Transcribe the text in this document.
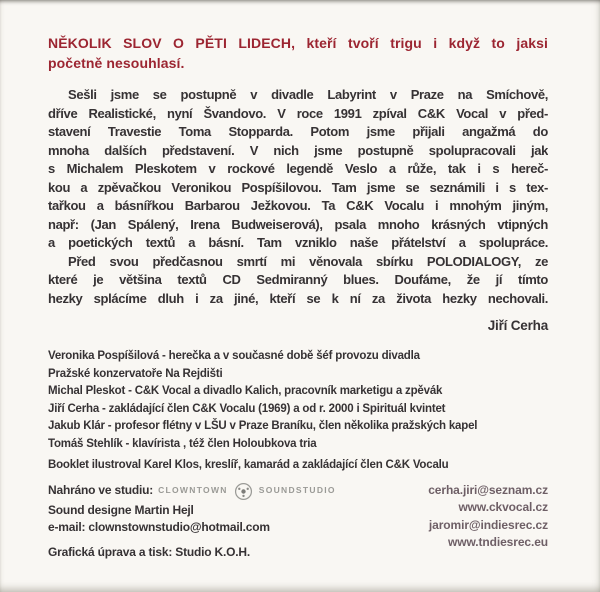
NĚKOLIK SLOV O PĚTI LIDECH, kteří tvoří trigu i když to jaksi
početně nesouhlasí.
Sešli jsme se postupně v divadle Labyrint v Praze na Smíchově,
dříve Realistické, nyní Švandovo. V roce 1991 zpíval C&K Vocal v před-
stavení Travestie Toma Stopparda. Potom jsme přijali angažmá do
mnoha dalších představení. V nich jsme postupně spolupracovali jak
s Michalem Pleskotem v rockové legendě Veslo a růže, tak i s hereč-
kou a zpěvačkou Veronikou Pospíšilovou. Tam jsme se seznámili i s tex-
tařkou a básnířkou Barbarou Ježkovou. Ta C&K Vocalu i mnohým jiným,
např: (Jan Spálený, Irena Budweiserová), psala mnoho krásných vtipných
a poetických textů a básní. Tam vzniklo naše přátelství a spolupráce.
Před svou předčasnou smrtí mi věnovala sbírku POLODIALOGY, ze
které je většina textů CD Sedmiranný blues. Doufáme, že jí tímto
hezky splácíme dluh i za jiné, kteří se k ní za života hezky nechovali.
Jiří Cerha
Veronika Pospíšilová - herečka a v současné době šéf provozu divadla
Pražské konzervatoře Na Rejdišti
Michal Pleskot - C&K Vocal a divadlo Kalich, pracovník marketigu a zpěvák
Jiří Cerha - zakládající člen C&K Vocalu (1969) a od r. 2000 i Spirituál kvintet
Jakub Klár - profesor flétny v LŠU v Praze Braníku, člen několika pražských kapel
Tomáš Stehlík - klavírista , též člen Holoubkova tria
Booklet ilustroval Karel Klos, kreslíř, kamarád a zakládající člen C&K Vocalu
Nahráno ve studiu: CLOWNTOWN	SOUNDSTUDIO
Sound designe Martin Hejl
e-mail: clownstownstudio@hotmail.com
Grafická úprava a tisk: Studio K.O.H.
cerha.jiri@seznam.cz
www.ckvocal.cz
jaromir@indiesrec.cz
www.tndiesrec.eu
